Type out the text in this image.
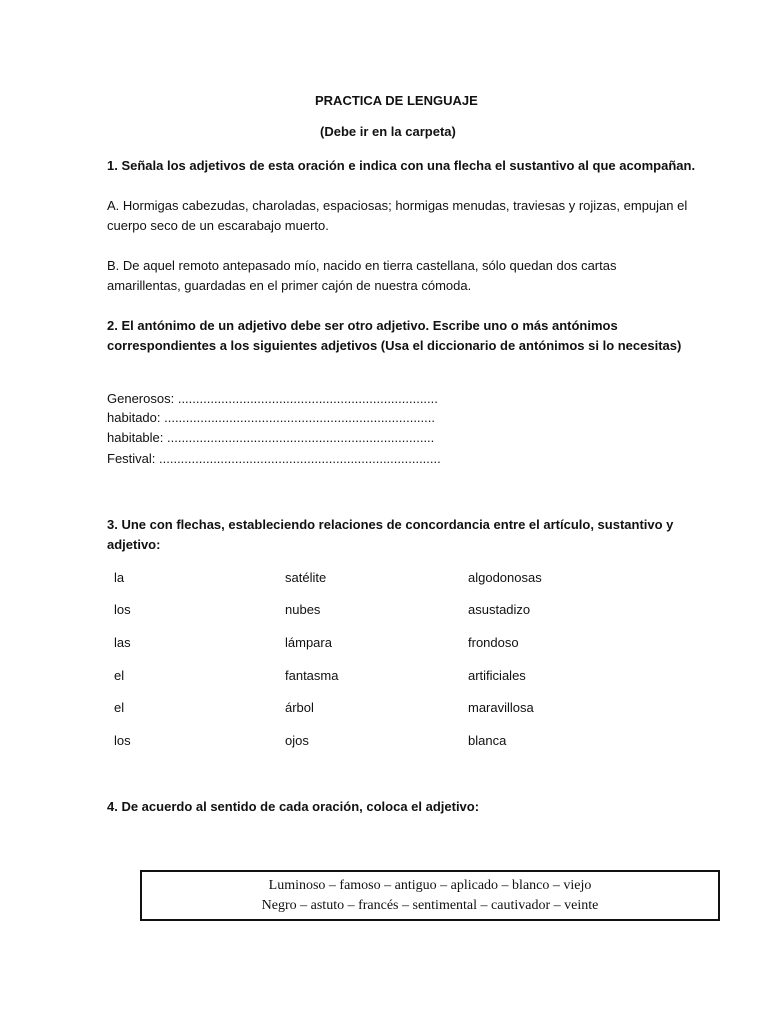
PRACTICA DE LENGUAJE
(Debe ir en la carpeta)
1. Señala los adjetivos de esta oración e indica con una flecha el sustantivo al que acompañan.
A. Hormigas cabezudas, charoladas, espaciosas; hormigas menudas, traviesas y rojizas, empujan el
cuerpo seco de un escarabajo muerto.
B. De aquel remoto antepasado mío, nacido en tierra castellana, sólo quedan dos cartas
amarillentas, guardadas en el primer cajón de nuestra cómoda.
2. El antónimo de un adjetivo debe ser otro adjetivo. Escribe uno o más antónimos
correspondientes a los siguientes adjetivos (Usa el diccionario de antónimos si lo necesitas)
Generosos: ........................................................................
habitado: ...........................................................................
habitable: ..........................................................................
Festival: ..............................................................................
3. Une con flechas, estableciendo relaciones de concordancia entre el artículo, sustantivo y
adjetivo:
la	satélite	algodonosas
los	nubes	asustadizo
las	lámpara	frondoso
el	fantasma	artificiales
el	árbol	maravillosa
los	ojos	blanca
4. De acuerdo al sentido de cada oración, coloca el adjetivo:
Luminoso – famoso – antiguo – aplicado – blanco – viejo
Negro – astuto – francés – sentimental – cautivador – veinte
